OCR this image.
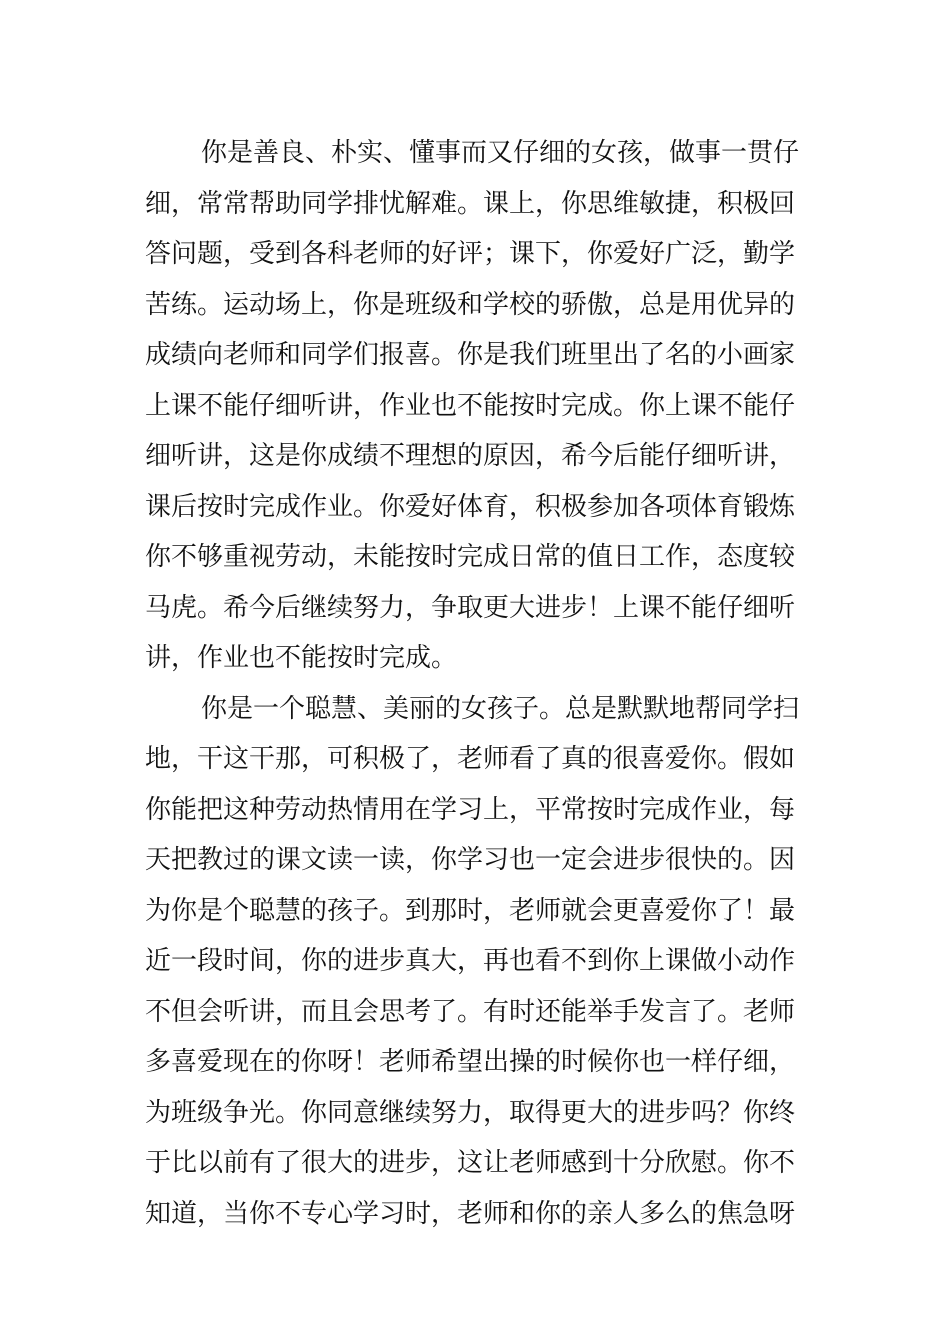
你是善良、朴实、懂事而又仔细的女孩，做事一贯仔
细，常常帮助同学排忧解难。课上，你思维敏捷，积极回
答问题，受到各科老师的好评；课下，你爱好广泛，勤学
苦练。运动场上，你是班级和学校的骄傲，总是用优异的
成绩向老师和同学们报喜。你是我们班里出了名的小画家
上课不能仔细听讲，作业也不能按时完成。你上课不能仔
细听讲，这是你成绩不理想的原因，希今后能仔细听讲，
课后按时完成作业。你爱好体育，积极参加各项体育锻炼
你不够重视劳动，未能按时完成日常的值日工作，态度较
马虎。希今后继续努力，争取更大进步！上课不能仔细听
讲，作业也不能按时完成。
你是一个聪慧、美丽的女孩子。总是默默地帮同学扫
地，干这干那，可积极了，老师看了真的很喜爱你。假如
你能把这种劳动热情用在学习上，平常按时完成作业，每
天把教过的课文读一读，你学习也一定会进步很快的。因
为你是个聪慧的孩子。到那时，老师就会更喜爱你了！最
近一段时间，你的进步真大，再也看不到你上课做小动作
不但会听讲，而且会思考了。有时还能举手发言了。老师
多喜爱现在的你呀！老师希望出操的时候你也一样仔细，
为班级争光。你同意继续努力，取得更大的进步吗？你终
于比以前有了很大的进步，这让老师感到十分欣慰。你不
知道，当你不专心学习时，老师和你的亲人多么的焦急呀
